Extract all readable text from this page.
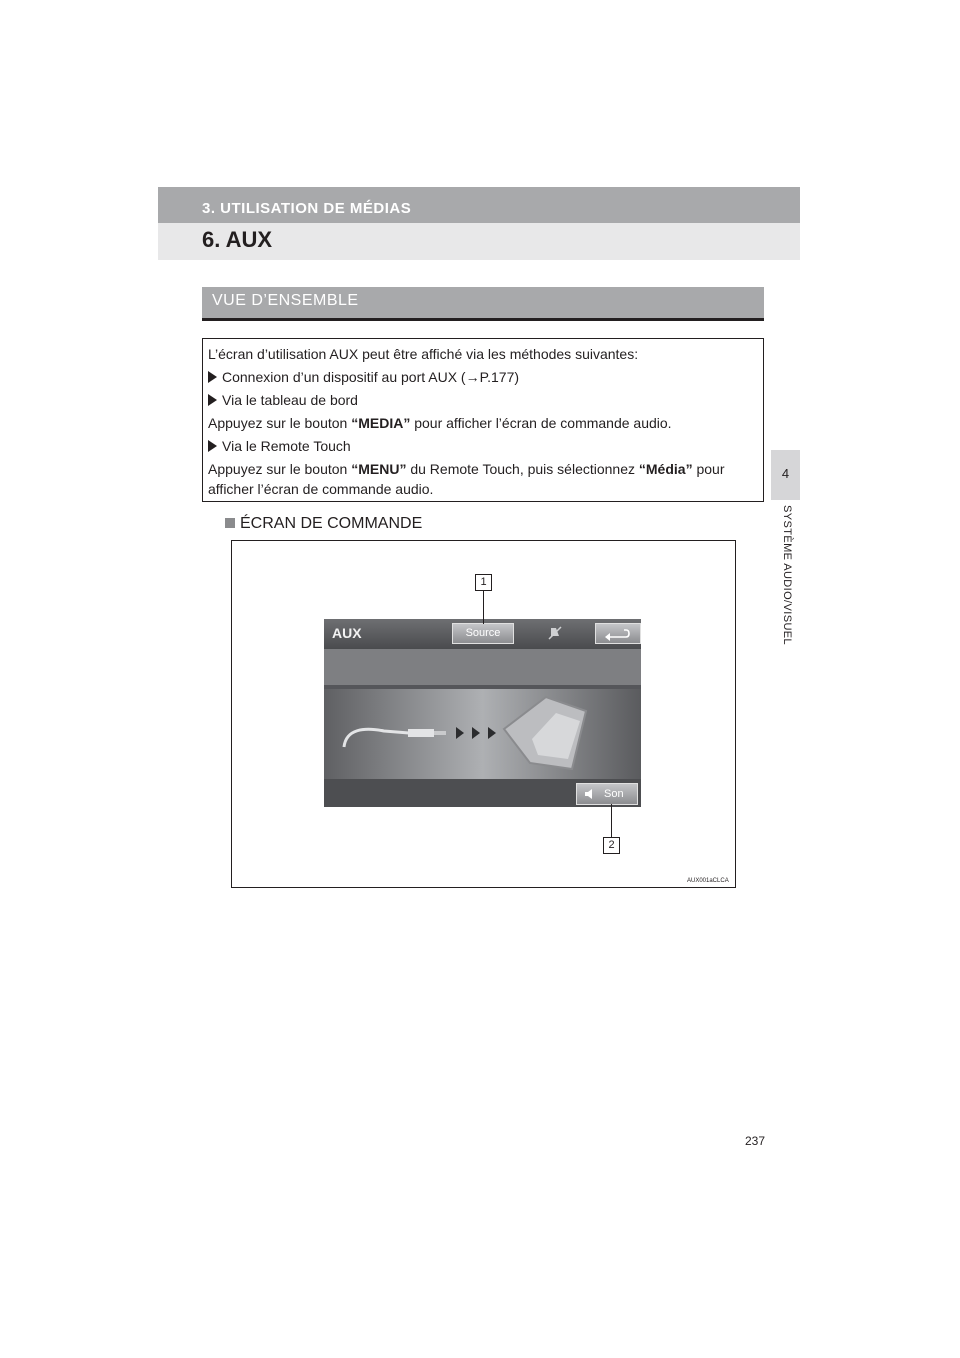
3. UTILISATION DE MÉDIAS
6. AUX
4
SYSTÈME AUDIO/VISUEL
VUE D’ENSEMBLE
L’écran d’utilisation AUX peut être affiché via les méthodes suivantes:
Connexion d’un dispositif au port AUX (→P.177)
Via le tableau de bord
Appuyez sur le bouton “MEDIA” pour afficher l’écran de commande audio.
Via le Remote Touch
Appuyez sur le bouton “MENU” du Remote Touch, puis sélectionnez “Média” pour
afficher l’écran de commande audio.
ÉCRAN DE COMMANDE
AUX	Source
Son
1
2
AUX001aCLCA
237
